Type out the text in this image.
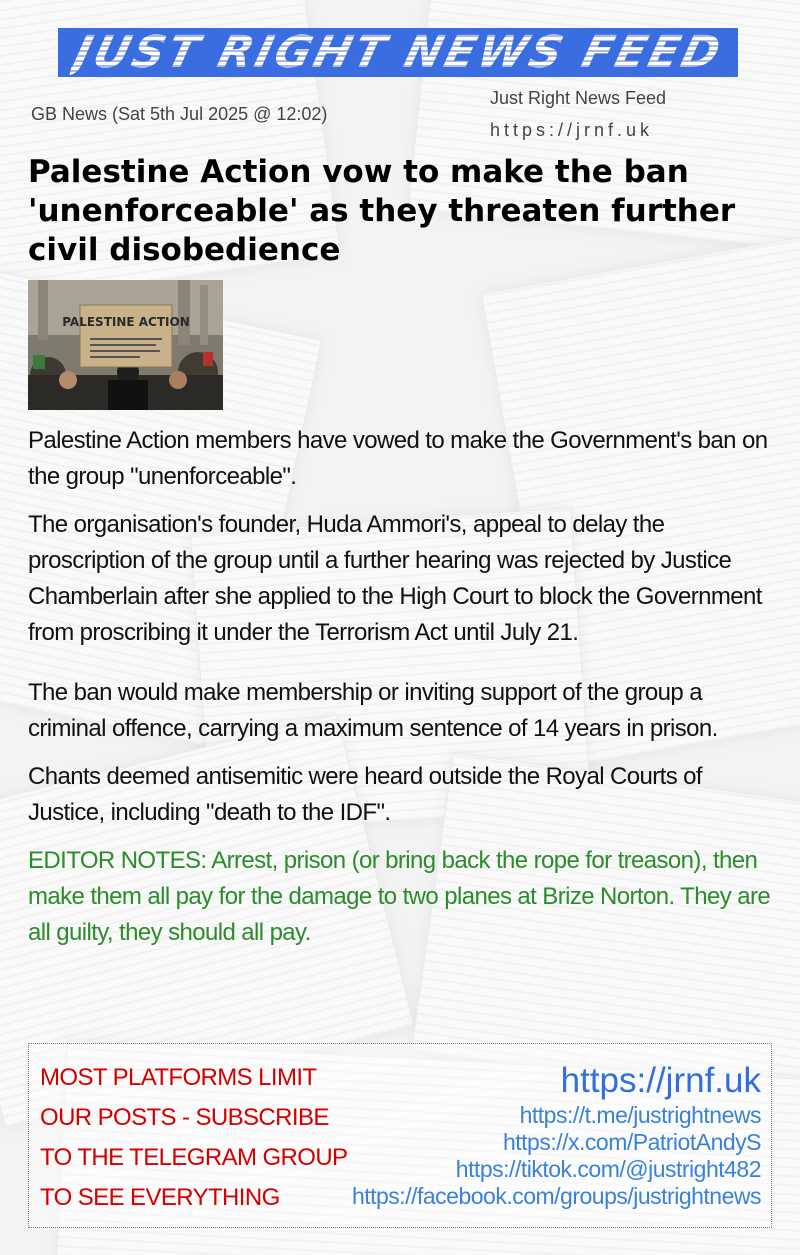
JUST RIGHT NEWS FEED
GB News (Sat 5th Jul 2025 @ 12:02)
Just Right News Feed
https://jrnf.uk
Palestine Action vow to make the ban 'unenforceable' as they threaten further civil disobedience
PALESTINE ACTION

Palestine Action members have vowed to make the Government's ban on the group "unenforceable".

The organisation's founder, Huda Ammori's, appeal to delay the proscription of the group until a further hearing was rejected by Justice Chamberlain after she applied to the High Court to block the Government from proscribing it under the Terrorism Act until July 21.

The ban would make membership or inviting support of the group a criminal offence, carrying a maximum sentence of 14 years in prison.

Chants deemed antisemitic were heard outside the Royal Courts of Justice, including "death to the IDF".

EDITOR NOTES: Arrest, prison (or bring back the rope for treason), then make them all pay for the damage to two planes at Brize Norton. They are all guilty, they should all pay.

MOST PLATFORMS LIMIT
OUR POSTS - SUBSCRIBE
TO THE TELEGRAM GROUP
TO SEE EVERYTHING
https://jrnf.uk
https://t.me/justrightnews
https://x.com/PatriotAndyS
https://tiktok.com/@justright482
https://facebook.com/groups/justrightnews
